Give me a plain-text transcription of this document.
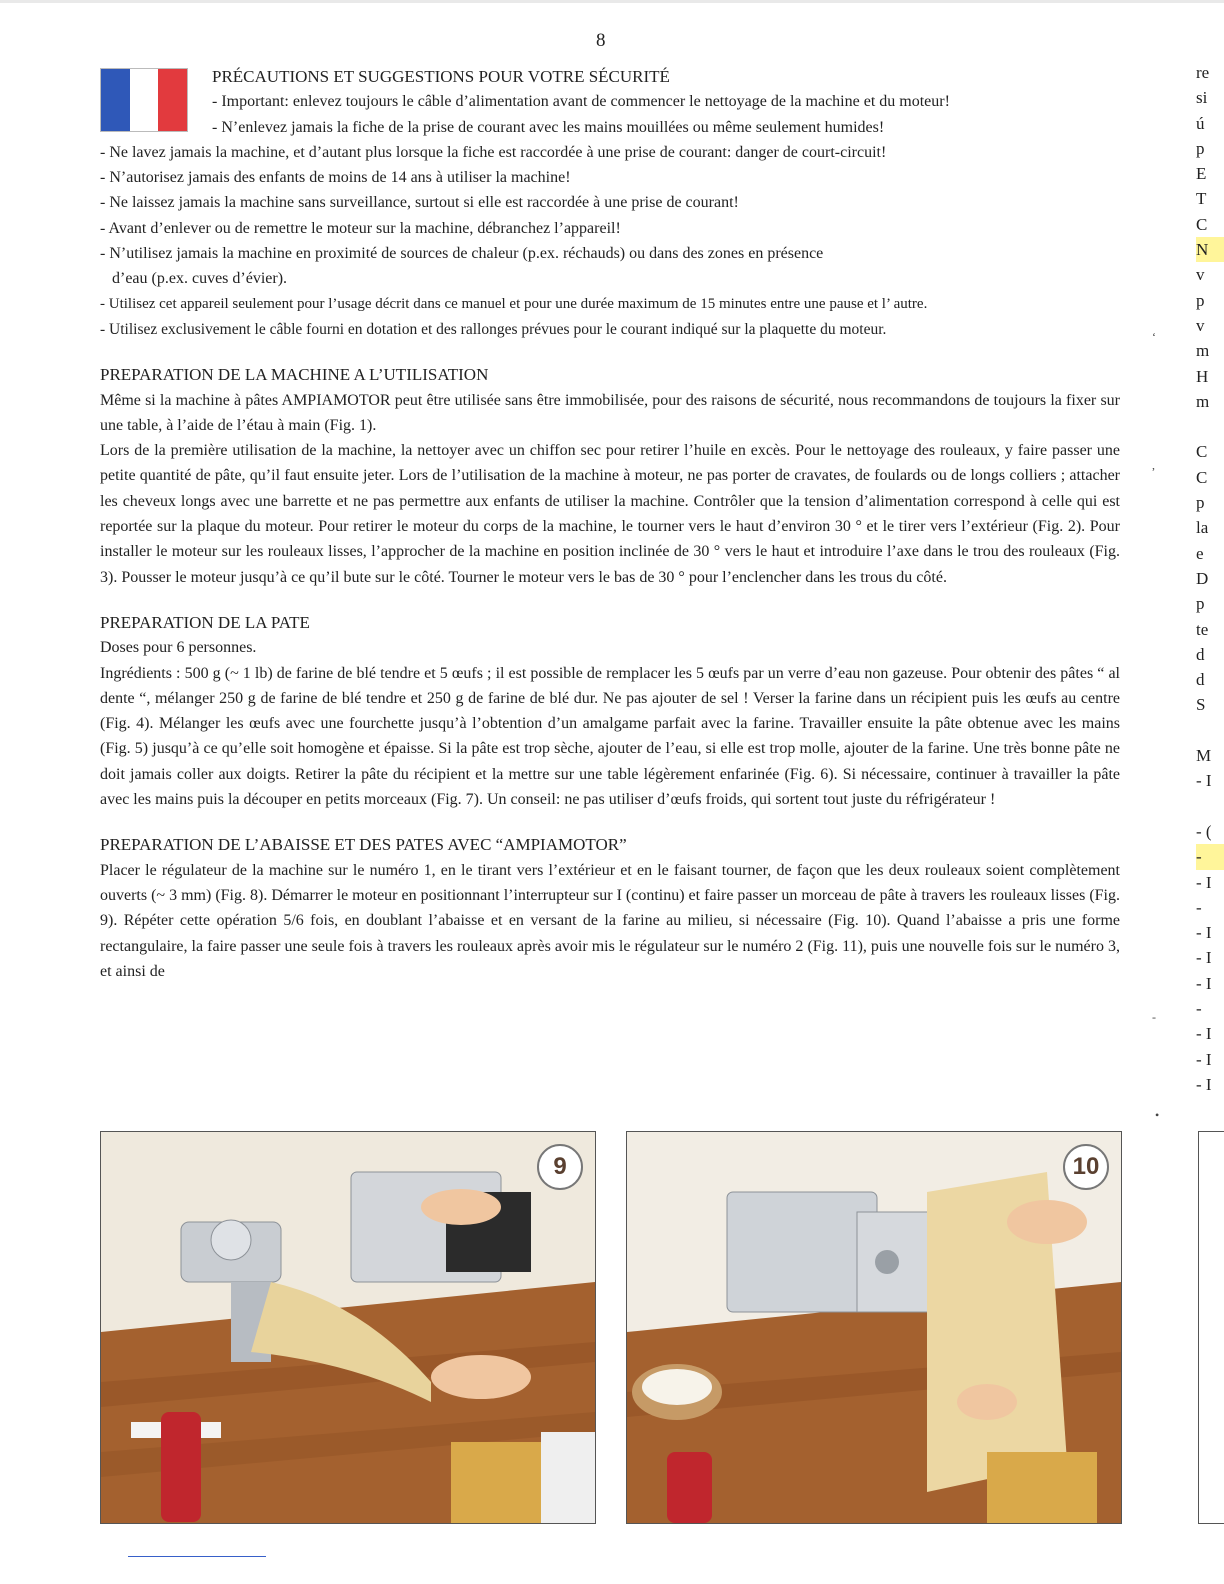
8
PRÉCAUTIONS ET SUGGESTIONS POUR VOTRE SÉCURITÉ
- Important: enlevez toujours le câble d’alimentation avant de commencer le nettoyage de la machine et du moteur!
- N’enlevez jamais la fiche de la prise de courant avec les mains mouillées ou même seulement humides!
- Ne lavez jamais la machine, et d’autant plus lorsque la fiche est raccordée à une prise de courant: danger de court-circuit!
- N’autorisez jamais des enfants de moins de 14 ans à utiliser la machine!
- Ne laissez jamais la machine sans surveillance, surtout si elle est raccordée à une prise de courant!
- Avant d’enlever ou de remettre le moteur sur la machine, débranchez l’appareil!
- N’utilisez jamais la machine en proximité de sources de chaleur (p.ex. réchauds) ou dans des zones en présence
d’eau (p.ex. cuves d’évier).
- Utilisez cet appareil seulement pour l’usage décrit dans ce manuel et pour une durée maximum de 15 minutes entre une pause et l’ autre.
- Utilisez exclusivement le câble fourni en dotation et des rallonges prévues pour le courant indiqué sur la plaquette du moteur.
PREPARATION DE LA MACHINE A L’UTILISATION

Même si la machine à pâtes AMPIAMOTOR peut être utilisée sans être immobilisée, pour des raisons de sécurité, nous recommandons de toujours la fixer sur une table, à l’aide de l’étau à main (Fig. 1).

Lors de la première utilisation de la machine, la nettoyer avec un chiffon sec pour retirer l’huile en excès. Pour le nettoyage des rouleaux, y faire passer une petite quantité de pâte, qu’il faut ensuite jeter. Lors de l’utilisation de la machine à moteur, ne pas porter de cravates, de foulards ou de longs colliers ; attacher les cheveux longs avec une barrette et ne pas permettre aux enfants de utiliser la machine. Contrôler que la tension d’alimentation correspond à celle qui est reportée sur la plaque du moteur. Pour retirer le moteur du corps de la machine, le tourner vers le haut d’environ 30 ° et le tirer vers l’extérieur (Fig. 2). Pour installer le moteur sur les rouleaux lisses, l’approcher de la machine en position inclinée de 30 ° vers le haut et introduire l’axe dans le trou des rouleaux (Fig. 3). Pousser le moteur jusqu’à ce qu’il bute sur le côté. Tourner le moteur vers le bas de 30 ° pour l’enclencher dans les trous du côté.

PREPARATION DE LA PATE

Doses pour 6 personnes.

Ingrédients : 500 g (~ 1 lb) de farine de blé tendre et 5 œufs ; il est possible de remplacer les 5 œufs par un verre d’eau non gazeuse. Pour obtenir des pâtes “ al dente “, mélanger 250 g de farine de blé tendre et 250 g de farine de blé dur. Ne pas ajouter de sel ! Verser la farine dans un récipient puis les œufs au centre (Fig. 4). Mélanger les œufs avec une fourchette jusqu’à l’obtention d’un amalgame parfait avec la farine. Travailler ensuite la pâte obtenue avec les mains (Fig. 5) jusqu’à ce qu’elle soit homogène et épaisse. Si la pâte est trop sèche, ajouter de l’eau, si elle est trop molle, ajouter de la farine. Une très bonne pâte ne doit jamais coller aux doigts. Retirer la pâte du récipient et la mettre sur une table légèrement enfarinée (Fig. 6). Si nécessaire, continuer à travailler la pâte avec les mains puis la découper en petits morceaux (Fig. 7). Un conseil: ne pas utiliser d’œufs froids, qui sortent tout juste du réfrigérateur !

PREPARATION DE L’ABAISSE ET DES PATES AVEC “AMPIAMOTOR”

Placer le régulateur de la machine sur le numéro 1, en le tirant vers l’extérieur et en le faisant tourner, de façon que les deux rouleaux soient complètement ouverts (~ 3 mm) (Fig. 8). Démarrer le moteur en positionnant l’interrupteur sur I (continu) et faire passer un morceau de pâte à travers les rouleaux lisses (Fig. 9). Répéter cette opération 5/6 fois, en doublant l’abaisse et en versant de la farine au milieu, si nécessaire (Fig. 10). Quand l’abaisse a pris une forme rectangulaire, la faire passer une seule fois à travers les rouleaux après avoir mis le régulateur sur le numéro 2 (Fig. 11), puis une nouvelle fois sur le numéro 3, et ainsi de

9	10
re
si
ú
p
E
T
C
N
v
p
v
m
H
m
C
C
p
la
e
D
p
te
d
d
S
M
- I
- (
-
- I
-
- I
- I
- I
-
- I
- I
- I
‘
,
-
•
